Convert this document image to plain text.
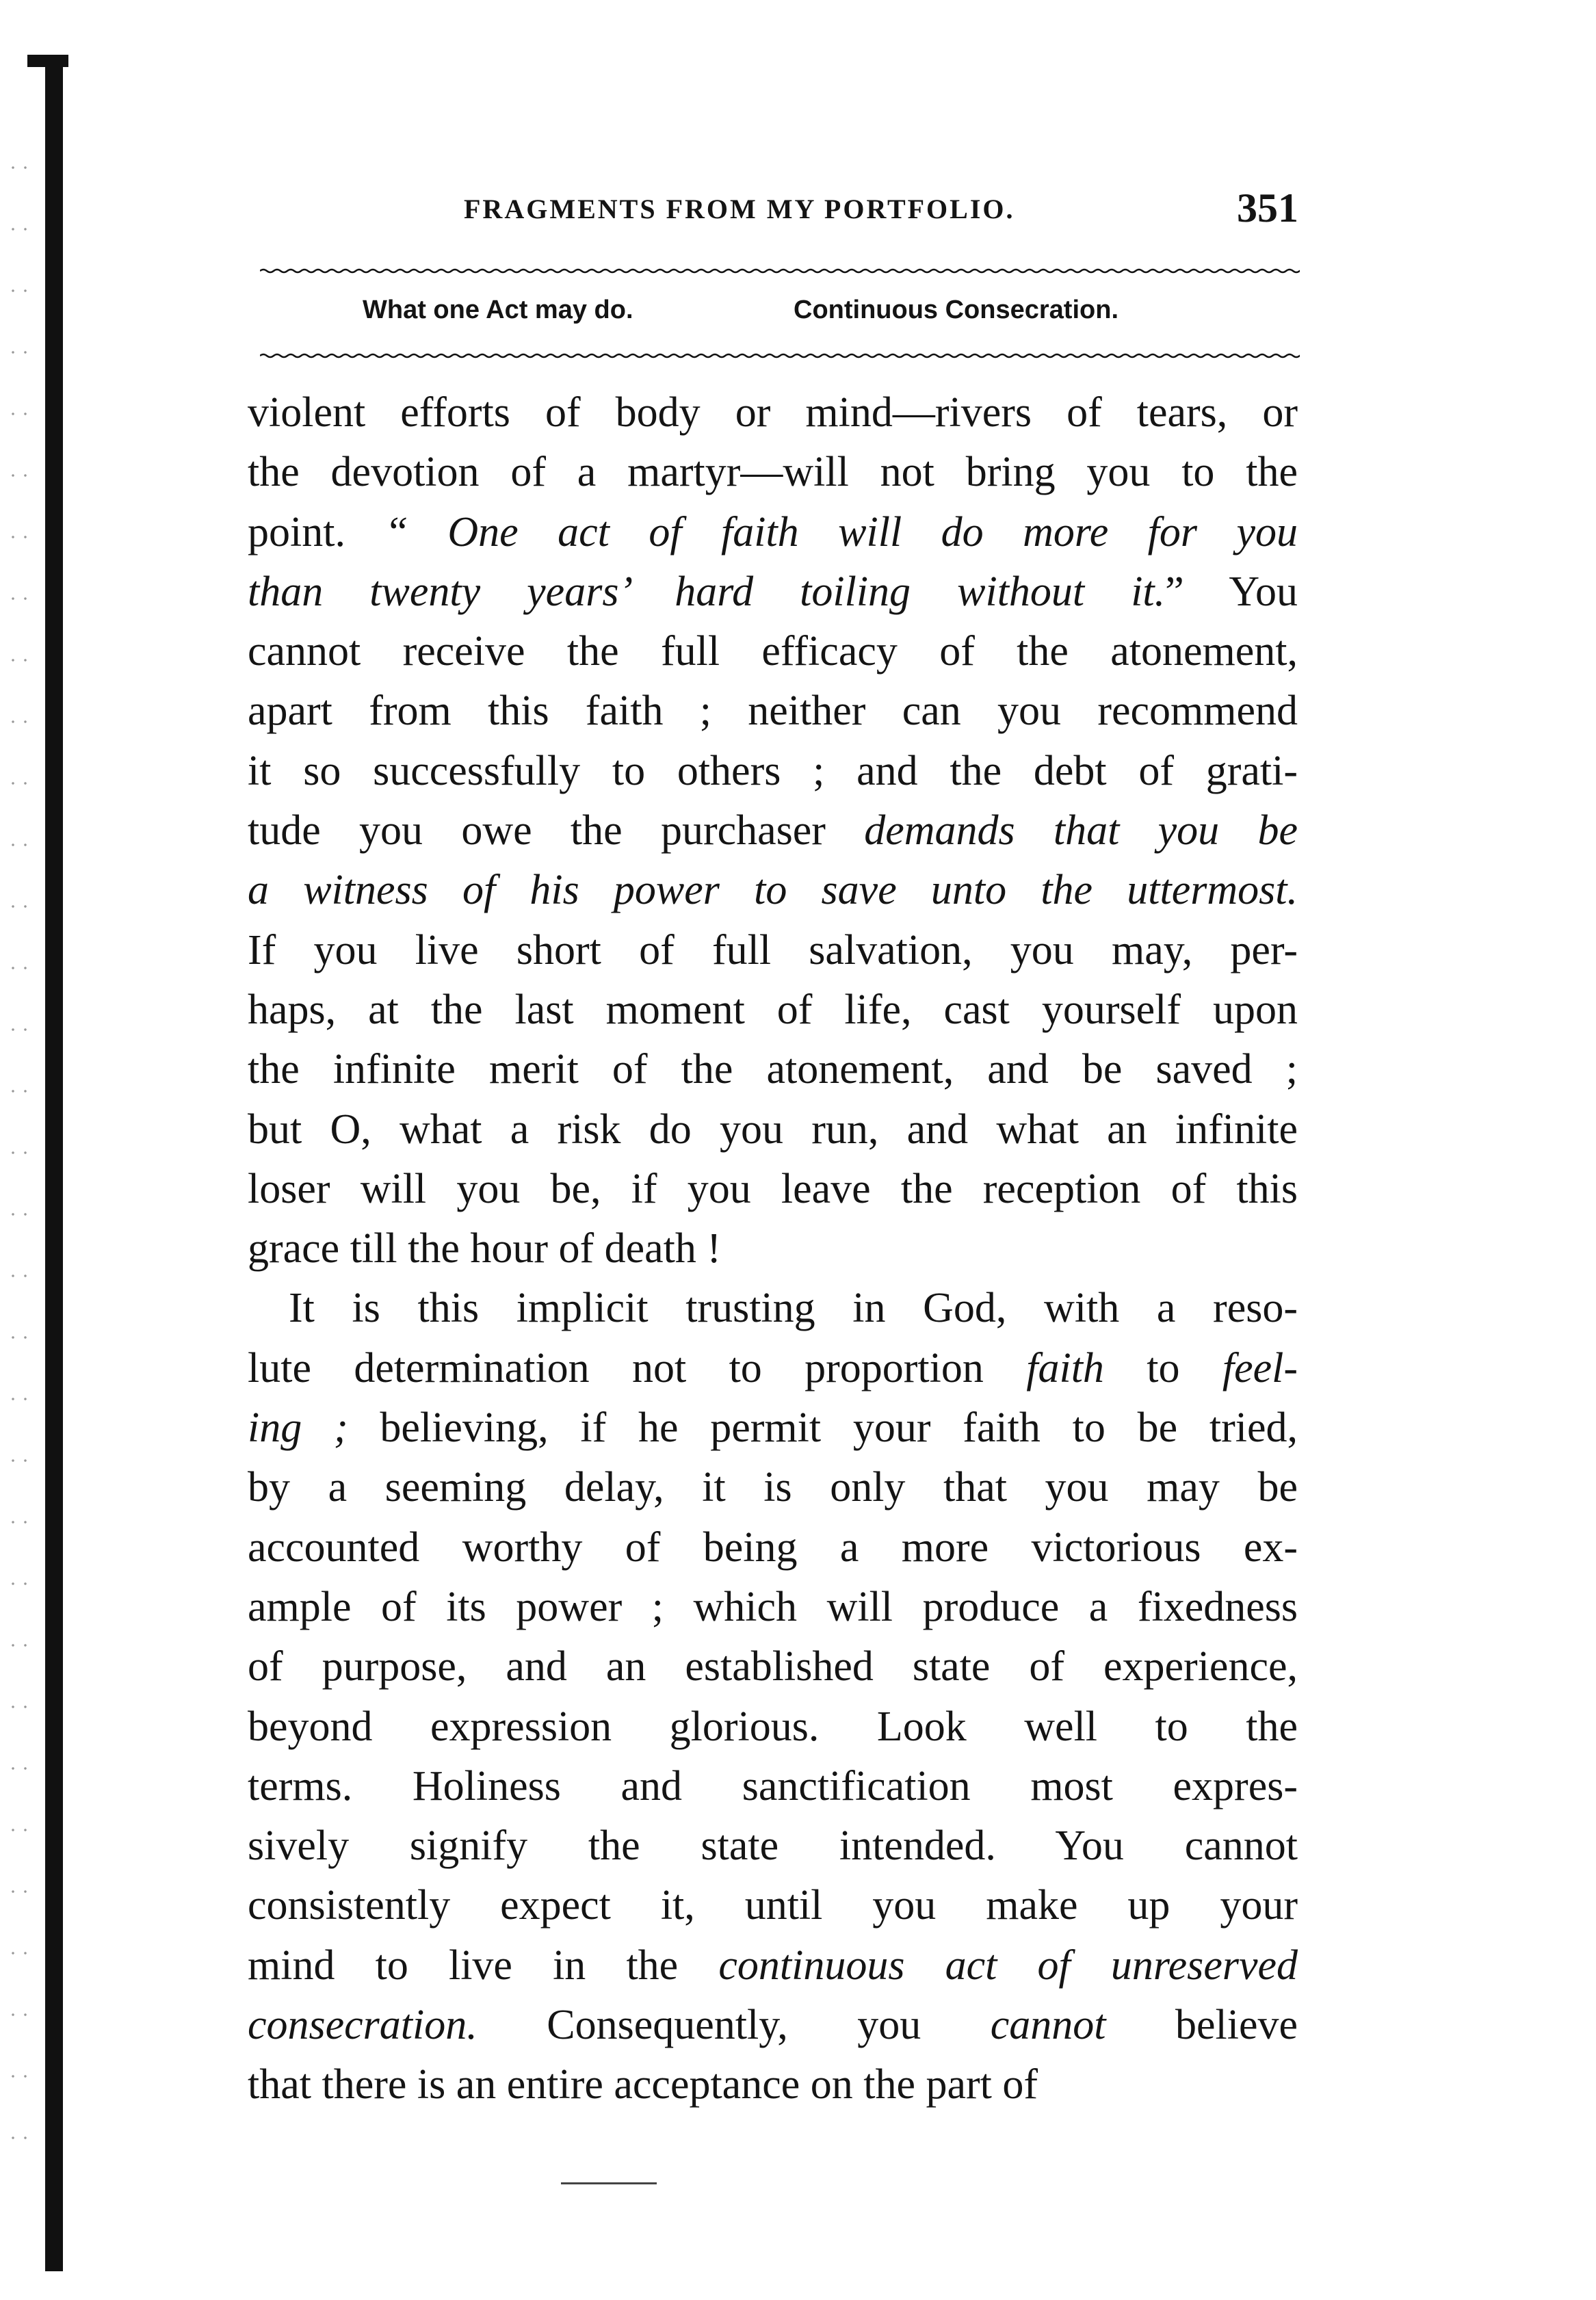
FRAGMENTS FROM MY PORTFOLIO.	351
What one Act may do.	Continuous Consecration.
violent efforts of body or mind—rivers of tears, or
the devotion of a martyr—will not bring you to the
point. “ One act of faith will do more for you
than twenty years’ hard toiling without it.” You
cannot receive the full efficacy of the atonement,
apart from this faith ; neither can you recommend
it so successfully to others ; and the debt of grati-
tude you owe the purchaser demands that you be
a witness of his power to save unto the uttermost.
If you live short of full salvation, you may, per-
haps, at the last moment of life, cast yourself upon
the infinite merit of the atonement, and be saved ;
but O, what a risk do you run, and what an infinite
loser will you be, if you leave the reception of this
grace till the hour of death !
It is this implicit trusting in God, with a reso-
lute determination not to proportion faith to feel-
ing ; believing, if he permit your faith to be tried,
by a seeming delay, it is only that you may be
accounted worthy of being a more victorious ex-
ample of its power ; which will produce a fixedness
of purpose, and an established state of experience,
beyond expression glorious. Look well to the
terms. Holiness and sanctification most expres-
sively signify the state intended. You cannot
consistently expect it, until you make up your
mind to live in the continuous act of unreserved
consecration. Consequently, you cannot believe
that there is an entire acceptance on the part of
